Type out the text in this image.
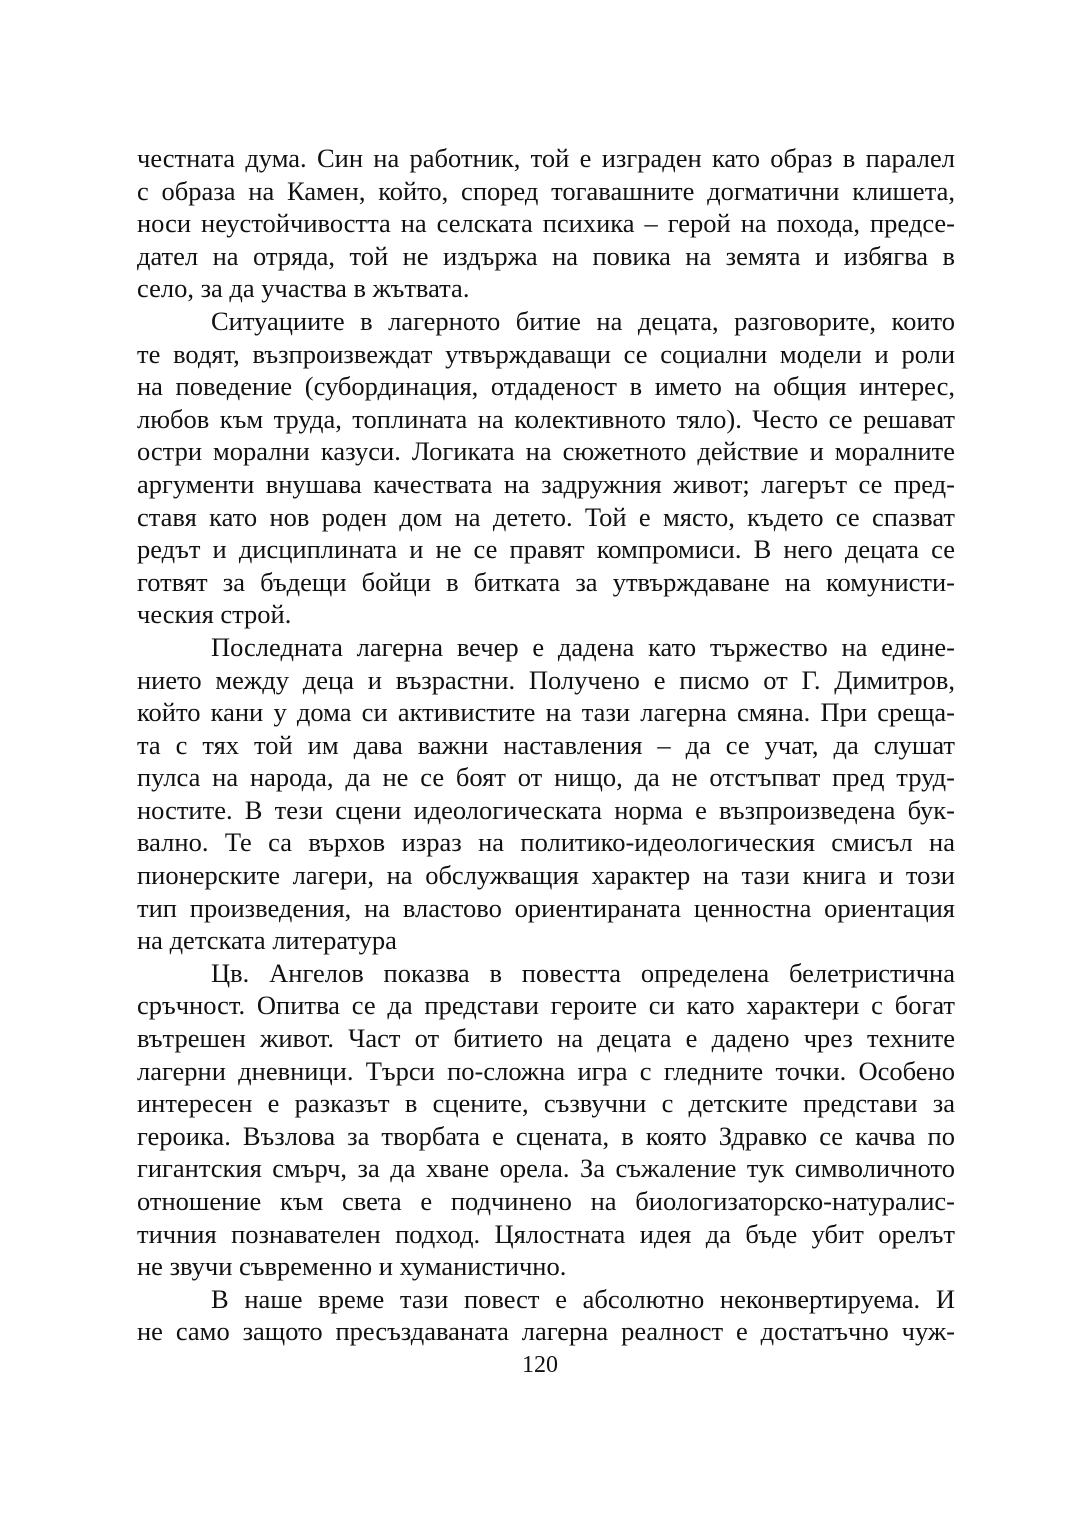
честната дума. Син на работник, той е изграден като образ в паралел
с образа на Камен, който, според тогавашните догматични клишета,
носи неустойчивостта на селската психика – герой на похода, предсе-
дател на отряда, той не издържа на повика на земята и избягва в
село, за да участва в жътвата.
Ситуациите в лагерното битие на децата, разговорите, които
те водят, възпроизвеждат утвърждаващи се социални модели и роли
на поведение (субординация, отдаденост в името на общия интерес,
любов към труда, топлината на колективното тяло). Често се решават
остри морални казуси. Логиката на сюжетното действие и моралните
аргументи внушава качествата на задружния живот; лагерът се пред-
ставя като нов роден дом на детето. Той е място, където се спазват
редът и дисциплината и не се правят компромиси. В него децата се
готвят за бъдещи бойци в битката за утвърждаване на комунисти-
ческия строй.
Последната лагерна вечер е дадена като тържество на едине-
нието между деца и възрастни. Получено е писмо от Г. Димитров,
който кани у дома си активистите на тази лагерна смяна. При среща-
та с тях той им дава важни наставления – да се учат, да слушат
пулса на народа, да не се боят от нищо, да не отстъпват пред труд-
ностите. В тези сцени идеологическата норма е възпроизведена бук-
вално. Те са върхов израз на политико-идеологическия смисъл на
пионерските лагери, на обслужващия характер на тази книга и този
тип произведения, на властово ориентираната ценностна ориентация
на детската литература
Цв. Ангелов показва в повестта определена белетристична
сръчност. Опитва се да представи героите си като характери с богат
вътрешен живот. Част от битието на децата е дадено чрез техните
лагерни дневници. Търси по-сложна игра с гледните точки. Особено
интересен е разказът в сцените, съзвучни с детските представи за
героика. Възлова за творбата е сцената, в която Здравко се качва по
гигантския смърч, за да хване орела. За съжаление тук символичното
отношение към света е подчинено на биологизаторско-натуралис-
тичния познавателен подход. Цялостната идея да бъде убит орелът
не звучи съвременно и хуманистично.
В наше време тази повест е абсолютно неконвертируема. И
не само защото пресъздаваната лагерна реалност е достатъчно чуж-
120
